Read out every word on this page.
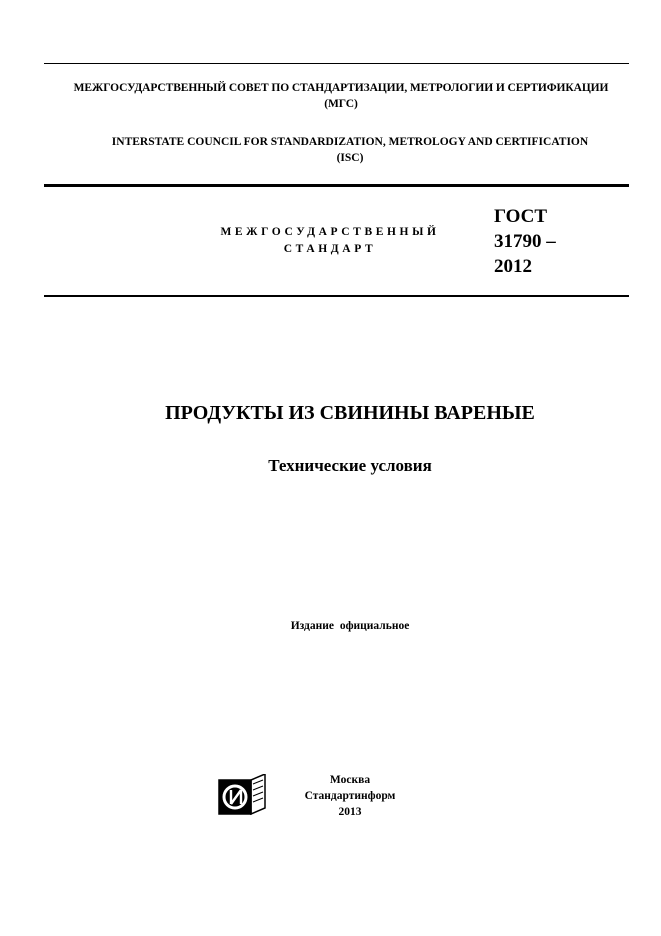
МЕЖГОСУДАРСТВЕННЫЙ СОВЕТ ПО СТАНДАРТИЗАЦИИ, МЕТРОЛОГИИ И СЕРТИФИКАЦИИ
(МГС)
INTERSTATE COUNCIL FOR STANDARDIZATION, METROLOGY AND CERTIFICATION
(ISC)
МЕЖГОСУДАРСТВЕННЫЙ
СТАНДАРТ
ГОСТ
31790 –
2012
ПРОДУКТЫ ИЗ СВИНИНЫ ВАРЕНЫЕ
Технические условия
Издание официальное
Москва
Стандартинформ
2013
